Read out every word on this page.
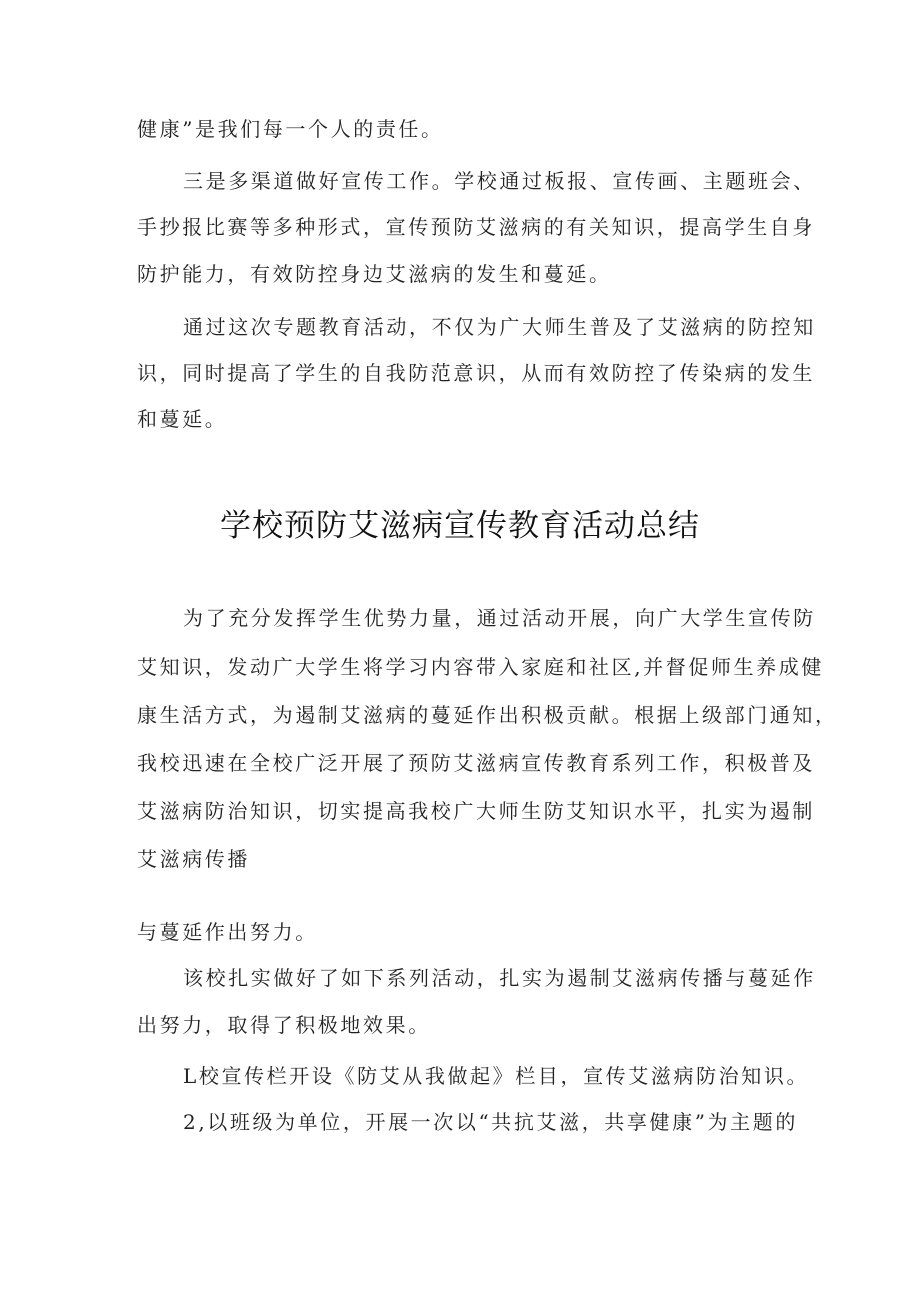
健康”是我们每一个人的责任。
三是多渠道做好宣传工作。学校通过板报、宣传画、主题班会、
手抄报比赛等多种形式，宣传预防艾滋病的有关知识，提高学生自身
防护能力，有效防控身边艾滋病的发生和蔓延。
通过这次专题教育活动，不仅为广大师生普及了艾滋病的防控知
识，同时提高了学生的自我防范意识，从而有效防控了传染病的发生
和蔓延。
学校预防艾滋病宣传教育活动总结
为了充分发挥学生优势力量，通过活动开展，向广大学生宣传防
艾知识，发动广大学生将学习内容带入家庭和社区,并督促师生养成健
康生活方式，为遏制艾滋病的蔓延作出积极贡献。根据上级部门通知，
我校迅速在全校广泛开展了预防艾滋病宣传教育系列工作，积极普及
艾滋病防治知识，切实提高我校广大师生防艾知识水平，扎实为遏制
艾滋病传播
与蔓延作出努力。
该校扎实做好了如下系列活动，扎实为遏制艾滋病传播与蔓延作
出努力，取得了积极地效果。
L校宣传栏开设《防艾从我做起》栏目，宣传艾滋病防治知识。
2,以班级为单位，开展一次以“共抗艾滋，共享健康”为主题的
